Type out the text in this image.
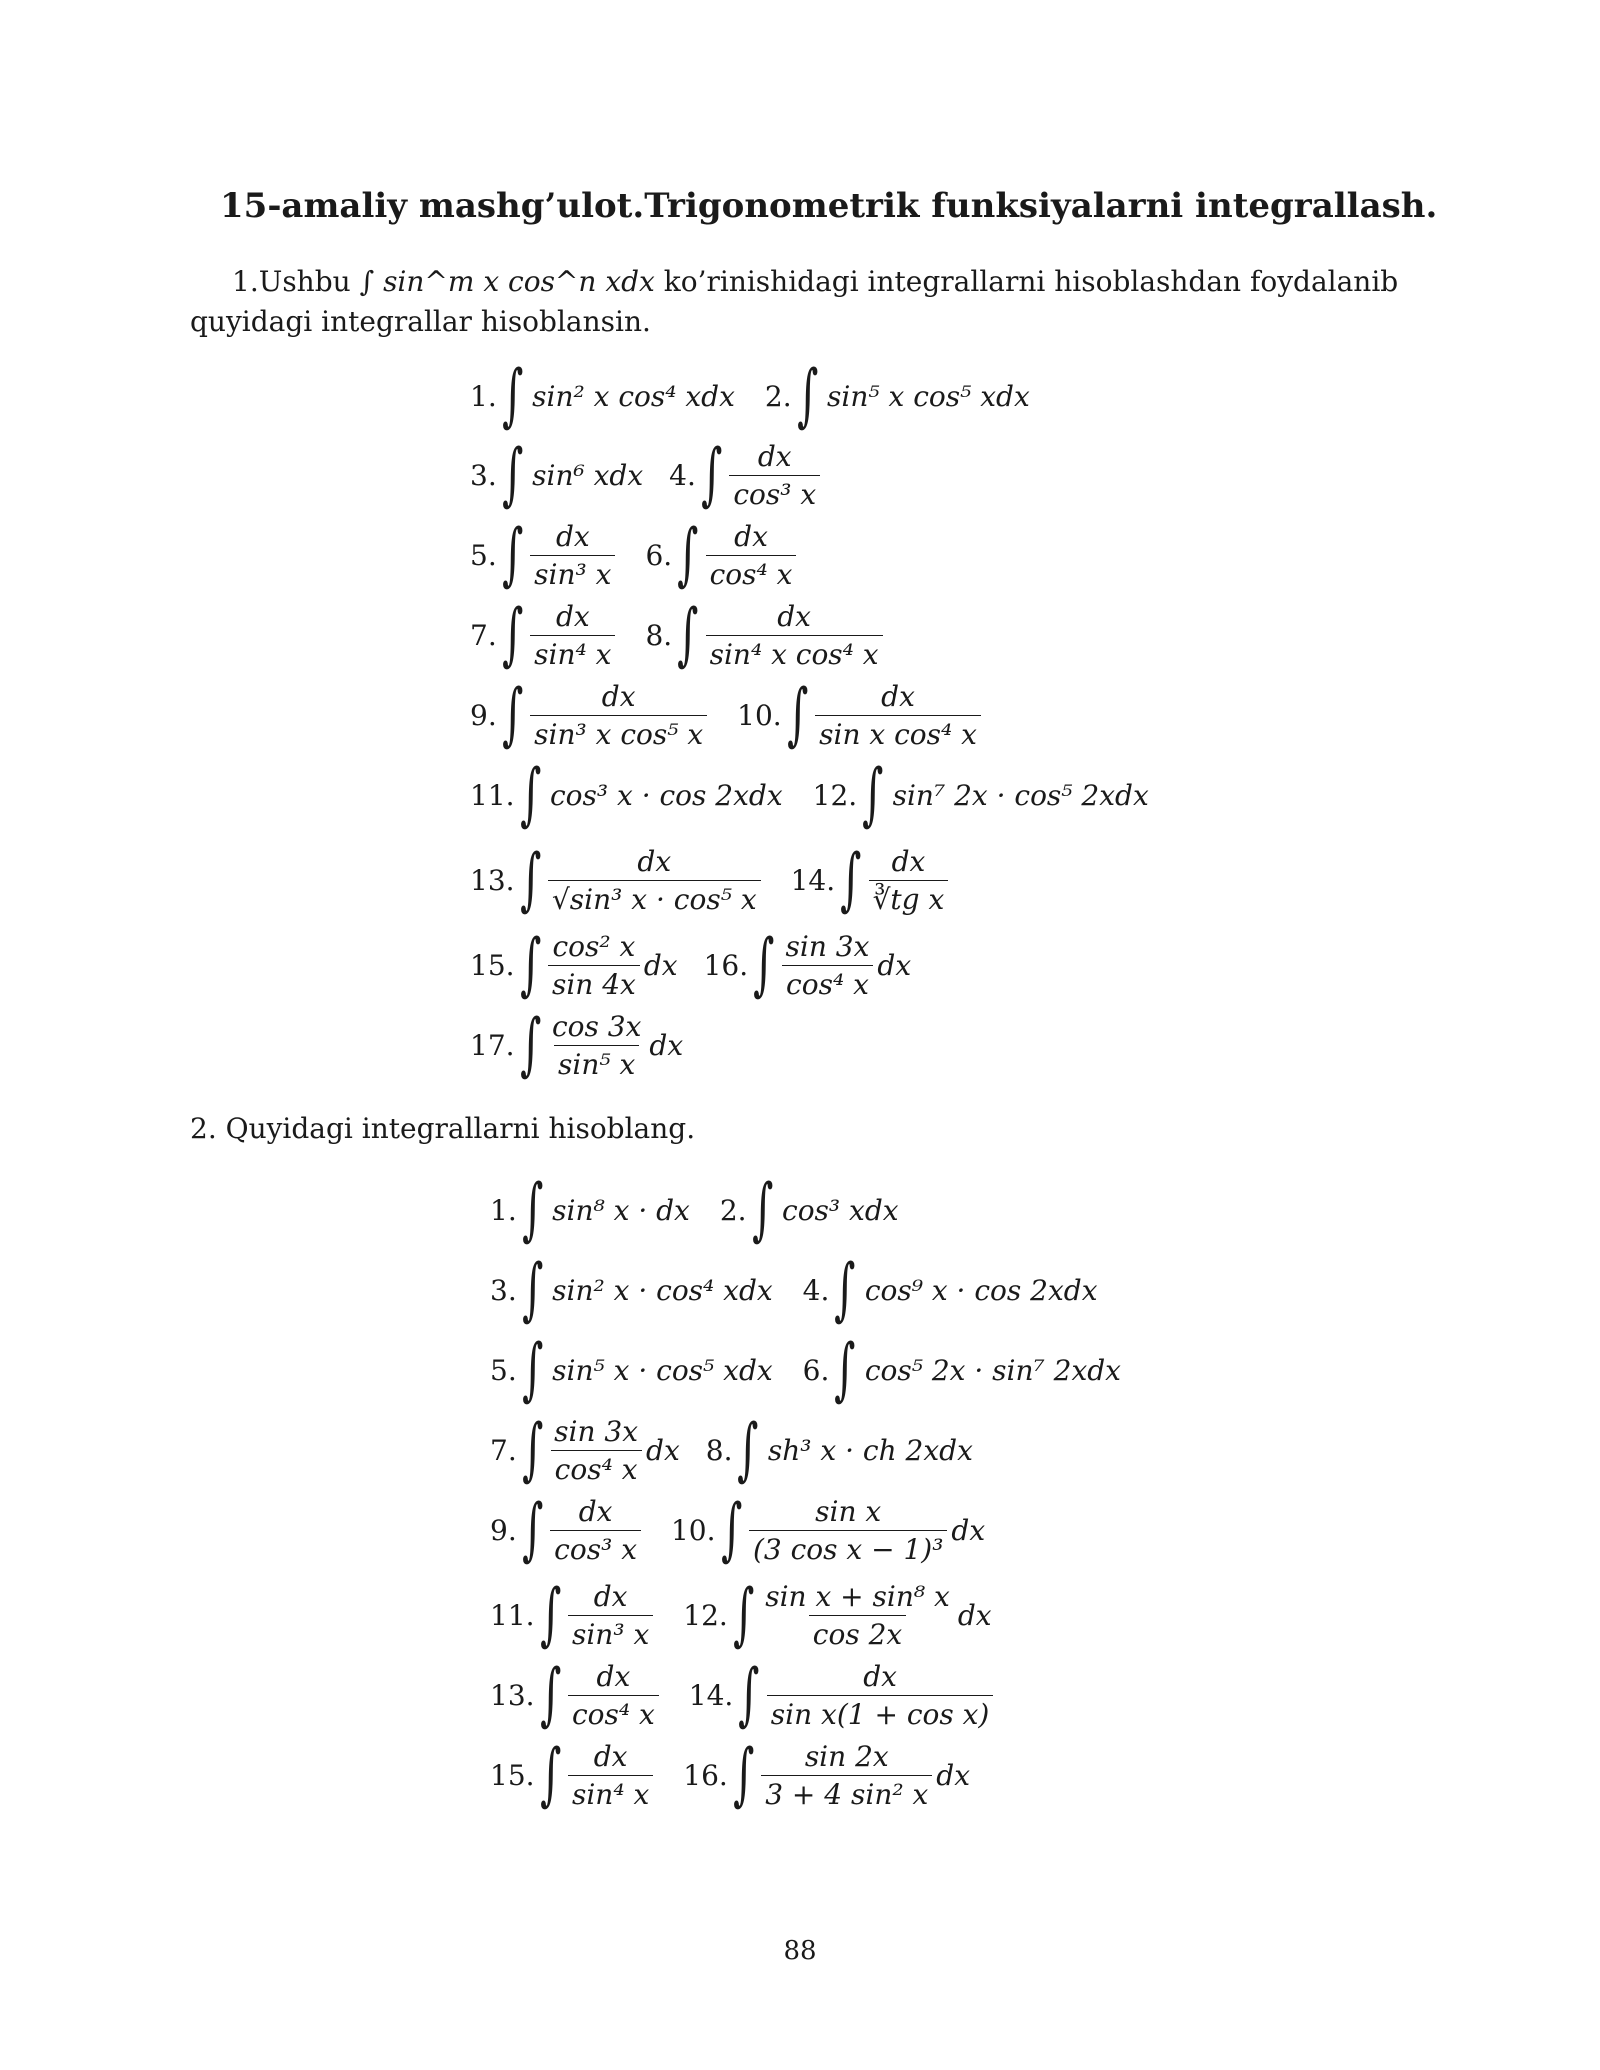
15-amaliy mashg’ulot.Trigonometrik funksiyalarni integrallash.

1.Ushbu ∫ sin^m x cos^n xdx ko’rinishidagi integrallarni hisoblashdan foydalanib quyidagi integrallar hisoblansin.

1. ∫ sin² x cos⁴ xdx 2. ∫ sin⁵ x cos⁵ xdx
3. ∫ sin⁶ xdx 4. ∫ $\frac{dx}{\text{cos³ x}}$
5. ∫ $\frac{dx}{\text{sin³ x}} 6$. ∫ $\frac{dx}{\text{cos⁴ x}}$
7. ∫ $\frac{dx}{\text{sin⁴ x}} 8$. ∫ $\frac{dx}{\text{sin⁴ x cos⁴ x}}$
9. ∫ $\frac{dx}{\text{sin³ x cos⁵ x}} 10$. ∫ $\frac{dx}{\text{sin x cos⁴ x}}$
11. ∫ cos³ x · cos 2xdx 12. ∫ sin⁷ 2x · cos⁵ 2xdx
13. ∫ $\frac{dx}{\text{√sin³ x · cos⁵ x}} 14$. ∫ $\frac{dx}{\text{∛tg x}}$
15. ∫ $\frac{\text{cos² x}}{\sin 4x}$ dx 16. ∫ $\frac{\sin 3x}{\text{cos⁴ x}}$ dx
17. ∫ $\frac{\cos 3x}{\text{sin⁵ x}}$ dx

2. Quyidagi integrallarni hisoblang.

1. ∫ sin⁸ x · dx 2. ∫ cos³ xdx
3. ∫ sin² x · cos⁴ xdx 4. ∫ cos⁹ x · cos 2xdx
5. ∫ sin⁵ x · cos⁵ xdx 6. ∫ cos⁵ 2x · sin⁷ 2xdx
7. ∫ $\frac{\sin 3x}{\text{cos⁴ x}}$ dx 8. ∫ sh³ x · ch 2xdx
9. ∫ $\frac{dx}{\text{cos³ x}} 10$. ∫ $\frac{\text{sin x}}{\text{(3 cos x − 1)³}}$ dx
11. ∫ $\frac{dx}{\text{sin³ x}} 12$. ∫ $\frac{\text{sin x + sin⁸ x}}{\cos 2x}$ dx
13. ∫ $\frac{dx}{\text{cos⁴ x}} 14$. ∫ $\frac{dx}{\text{sin x(1 + cos x)}}$
15. ∫ $\frac{dx}{\text{sin⁴ x}} 16$. ∫ $\frac{\sin 2x}{\text{3 + 4 sin² x}}$ dx
88
